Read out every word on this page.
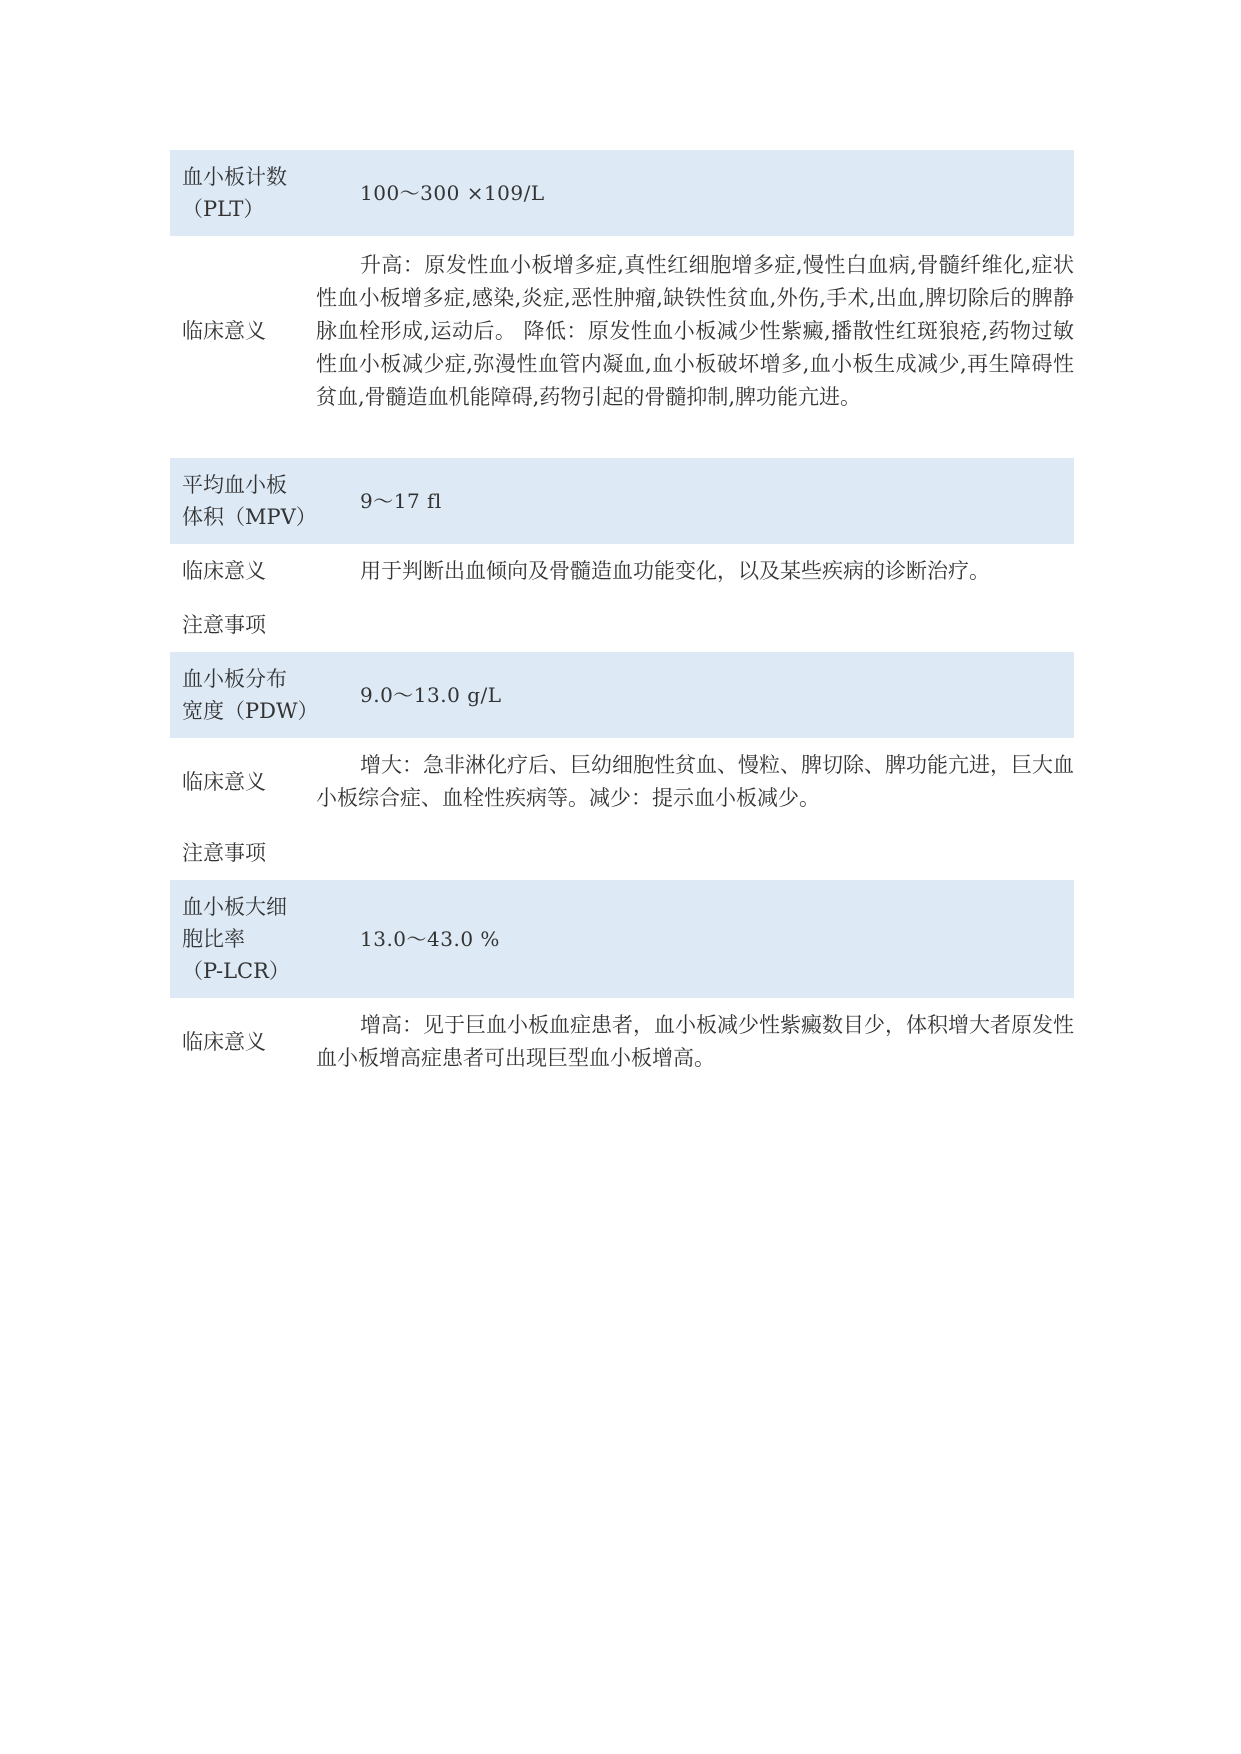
血小板计数
（PLT）
100～300 ×109/L
临床意义
升高：原发性血小板增多症,真性红细胞增多症,慢性白血病,骨髓纤维化,症状性血小板增多症,感染,炎症,恶性肿瘤,缺铁性贫血,外伤,手术,出血,脾切除后的脾静脉血栓形成,运动后。 降低：原发性血小板减少性紫癜,播散性红斑狼疮,药物过敏性血小板减少症,弥漫性血管内凝血,血小板破坏增多,血小板生成减少,再生障碍性贫血,骨髓造血机能障碍,药物引起的骨髓抑制,脾功能亢进。
平均血小板
体积（MPV）
9～17 fl
临床意义	用于判断出血倾向及骨髓造血功能变化，以及某些疾病的诊断治疗。
注意事项
血小板分布
宽度（PDW）
9.0～13.0 g/L
临床意义
增大：急非淋化疗后、巨幼细胞性贫血、慢粒、脾切除、脾功能亢进，巨大血小板综合症、血栓性疾病等。减少：提示血小板减少。
注意事项
血小板大细
胞比率
（P-LCR）
13.0～43.0 %
临床意义
增高：见于巨血小板血症患者，血小板减少性紫癜数目少，体积增大者原发性血小板增高症患者可出现巨型血小板增高。
